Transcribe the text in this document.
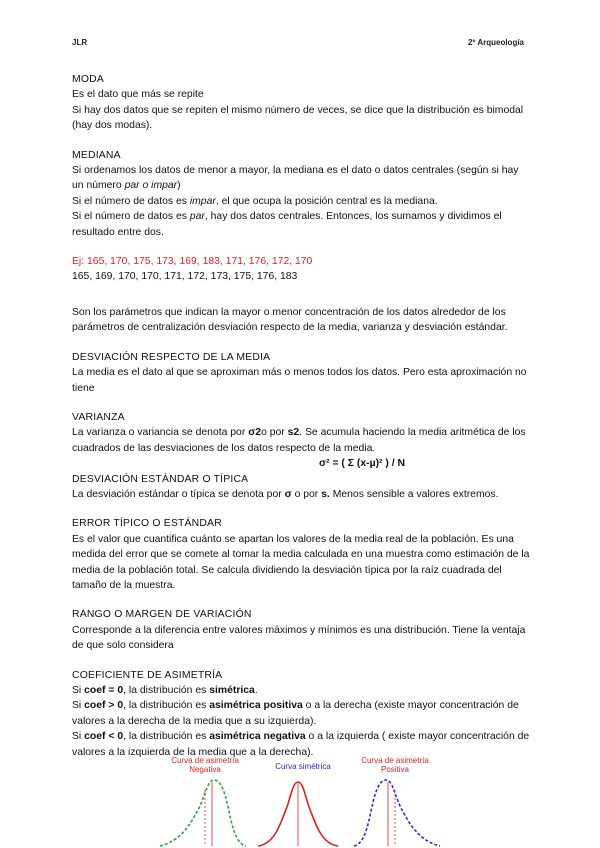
JLR	2º Arqueología

MODA

Es el dato que más se repite

Si hay dos datos que se repiten el mismo número de veces, se dice que la distribución es bimodal (hay dos modas).

MEDIANA

Si ordenamos los datos de menor a mayor, la mediana es el dato o datos centrales (según si hay un número par o impar)

Si el número de datos es impar, el que ocupa la posición central es la mediana.

Si el número de datos es par, hay dos datos centrales. Entonces, los sumamos y dividimos el resultado entre dos.

Ej: 165, 170, 175, 173, 169, 183, 171, 176, 172, 170

165, 169, 170, 170, 171, 172, 173, 175, 176, 183

Son los parámetros que indican la mayor o menor concentración de los datos alrededor de los parámetros de centralización desviación respecto de la media, varianza y desviación estándar.

DESVIACIÓN RESPECTO DE LA MEDIA

La media es el dato al que se aproximan más o menos todos los datos. Pero esta aproximación no tiene

VARIANZA

La varianza o variancia se denota por σ2o por s2. Se acumula haciendo la media aritmética de los cuadrados de las desviaciones de los datos respecto de la media.

σ² = ( Σ (x-µ)² ) / N

DESVIACIÓN ESTÁNDAR O TÍPICA

La desviación estándar o típica se denota por σ o por s. Menos sensible a valores extremos.

ERROR TÍPICO O ESTÁNDAR

Es el valor que cuantifica cuánto se apartan los valores de la media real de la población. Es una medida del error que se comete al tomar la media calculada en una muestra como estimación de la media de la población total. Se calcula dividiendo la desviación típica por la raíz cuadrada del tamaño de la muestra.

RANGO O MARGEN DE VARIACIÓN

Corresponde a la diferencia entre valores máximos y mínimos es una distribución. Tiene la ventaja de que solo considera

COEFICIENTE DE ASIMETRÍA

Si coef = 0, la distribución es simétrica.

Si coef > 0, la distribución es asimétrica positiva o a la derecha (existe mayor concentración de valores a la derecha de la media que a su izquierda).

Si coef < 0, la distribución es asimétrica negativa o a la izquierda ( existe mayor concentración de valores a la izquierda de la media que a la derecha).

Curva de asimetría
Negativa	Curva simétrica
Curva de asimetría
Positiva
